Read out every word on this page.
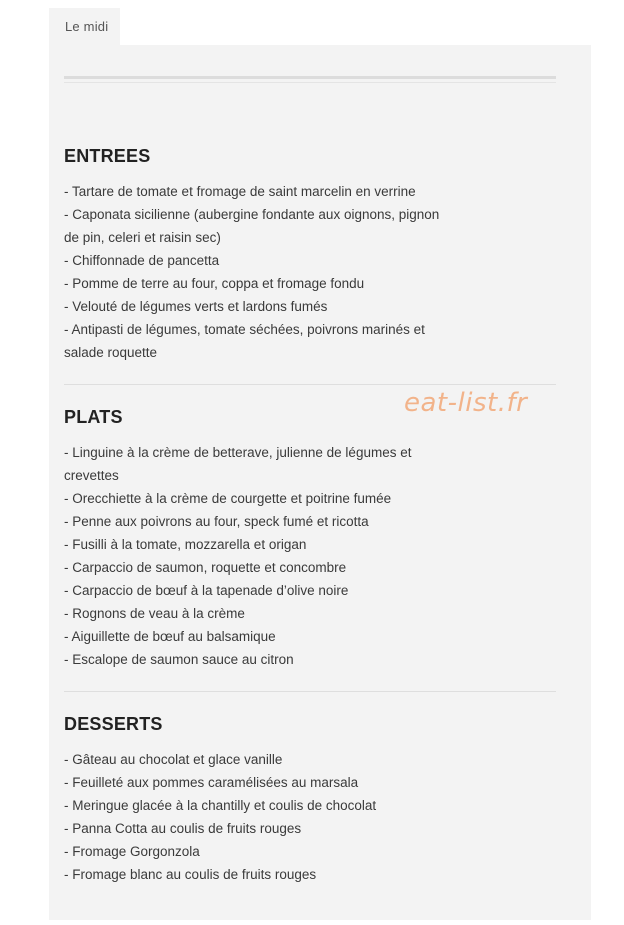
Le midi
ENTREES
- Tartare de tomate et fromage de saint marcelin en verrine
- Caponata sicilienne (aubergine fondante aux oignons, pignon de pin, celeri et raisin sec)
- Chiffonnade de pancetta
- Pomme de terre au four, coppa et fromage fondu
- Velouté de légumes verts et lardons fumés
- Antipasti de légumes, tomate séchées, poivrons marinés et salade roquette
eat-list.fr
PLATS
- Linguine à la crème de betterave, julienne de légumes et crevettes
- Orecchiette à la crème de courgette et poitrine fumée
- Penne aux poivrons au four, speck fumé et ricotta
- Fusilli à la tomate, mozzarella et origan
- Carpaccio de saumon, roquette et concombre
- Carpaccio de bœuf à la tapenade d’olive noire
- Rognons de veau à la crème
- Aiguillette de bœuf au balsamique
- Escalope de saumon sauce au citron
DESSERTS
- Gâteau au chocolat et glace vanille
- Feuilleté aux pommes caramélisées au marsala
- Meringue glacée à la chantilly et coulis de chocolat
- Panna Cotta au coulis de fruits rouges
- Fromage Gorgonzola
- Fromage blanc au coulis de fruits rouges
